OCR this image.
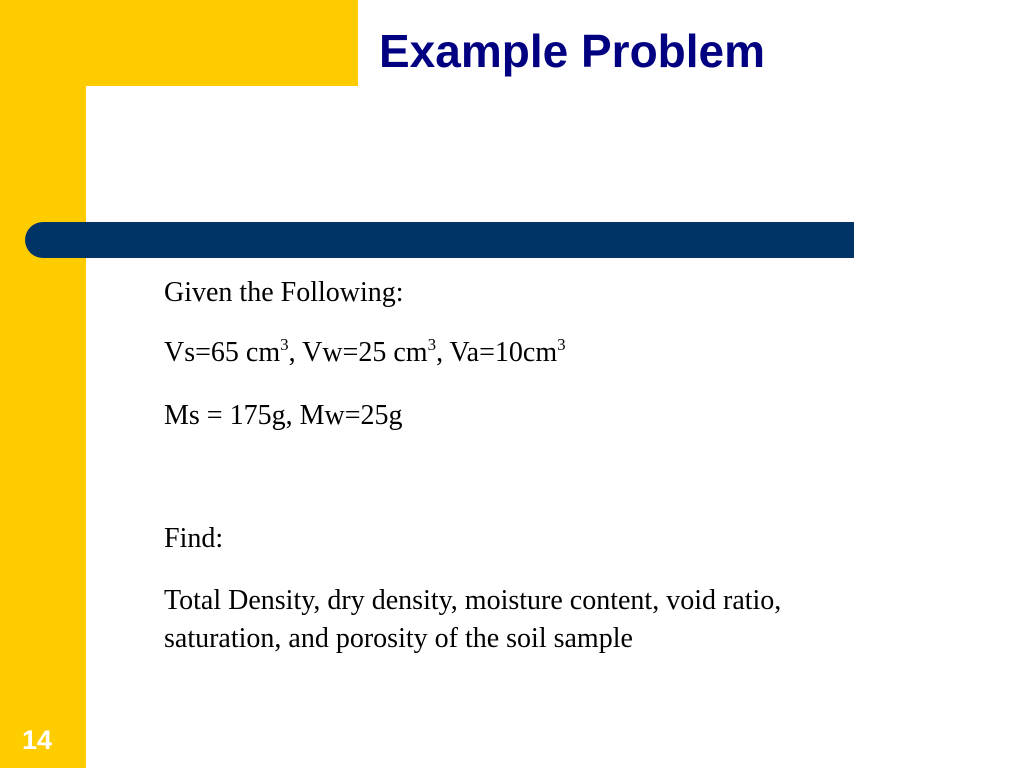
Example Problem
Given the Following:
Vs=65 $cm^3$, Vw=25 $cm^3$, $Va=10cm^3$
Ms = 175g, Mw=25g
Find:
Total Density, dry density, moisture content, void ratio, saturation, and porosity of the soil sample
14
